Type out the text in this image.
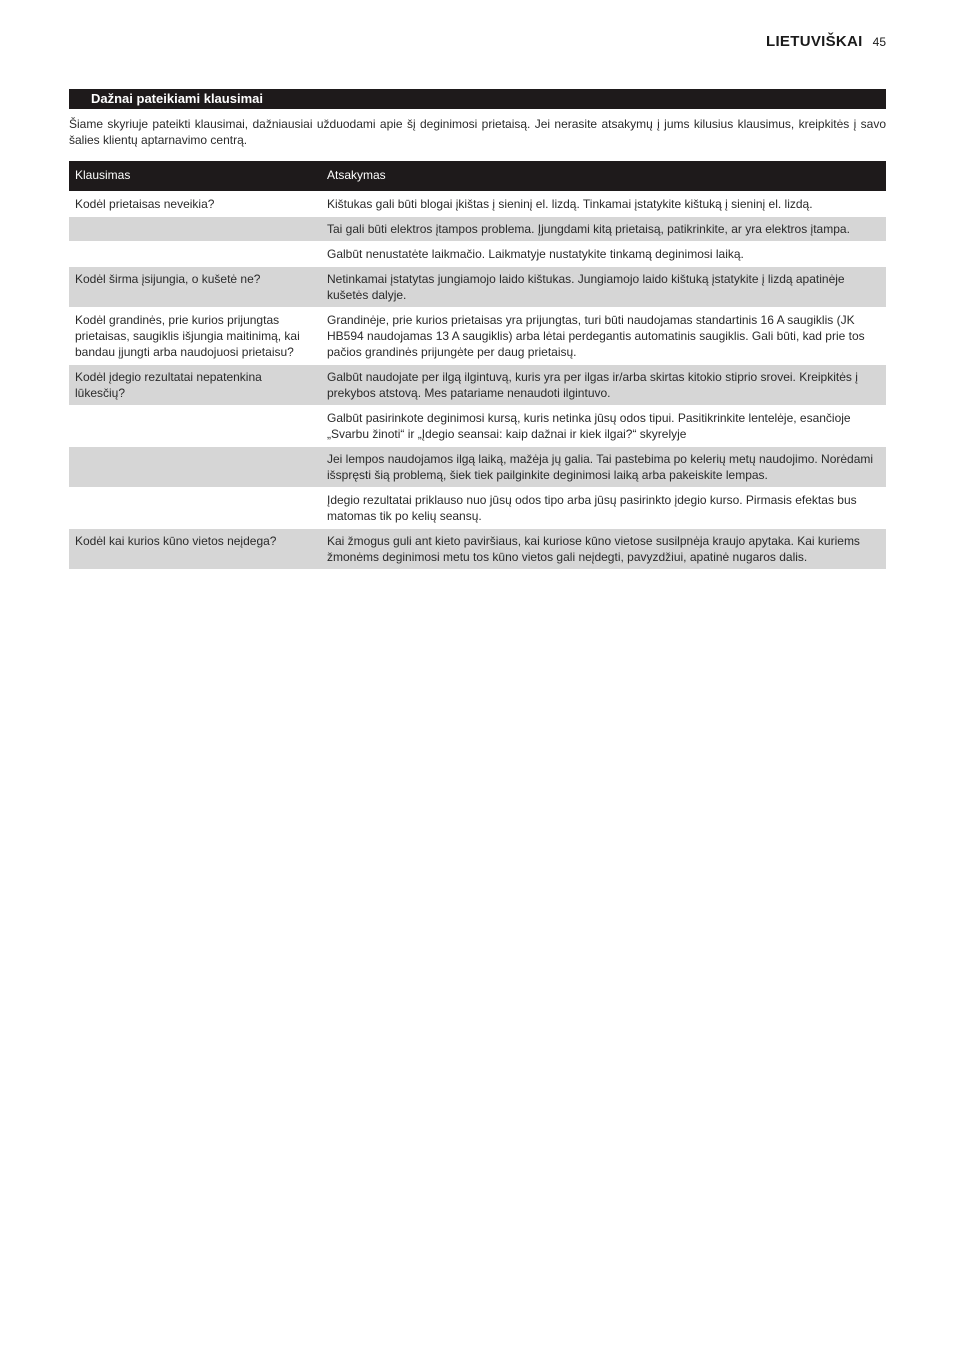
LIETUVIŠKAI 45
Dažnai pateikiami klausimai

Šiame skyriuje pateikti klausimai, dažniausiai užduodami apie šį deginimosi prietaisą. Jei nerasite atsakymų į jums kilusius klausimus, kreipkitės į savo šalies klientų aptarnavimo centrą.

Klausimas	Atsakymas
Kodėl prietaisas neveikia?	Kištukas gali būti blogai įkištas į sieninį el. lizdą. Tinkamai įstatykite kištuką į sieninį el. lizdą.
	Tai gali būti elektros įtampos problema. Įjungdami kitą prietaisą, patikrinkite, ar yra elektros įtampa.
	Galbūt nenustatėte laikmačio. Laikmatyje nustatykite tinkamą deginimosi laiką.
Kodėl širma įsijungia, o kušetė ne?	Netinkamai įstatytas jungiamojo laido kištukas. Jungiamojo laido kištuką įstatykite į lizdą apatinėje kušetės dalyje.
Kodėl grandinės, prie kurios prijungtas prietaisas, saugiklis išjungia maitinimą, kai bandau įjungti arba naudojuosi prietaisu?	Grandinėje, prie kurios prietaisas yra prijungtas, turi būti naudojamas standartinis 16 A saugiklis (JK HB594 naudojamas 13 A saugiklis) arba lėtai perdegantis automatinis saugiklis. Gali būti, kad prie tos pačios grandinės prijungėte per daug prietaisų.
Kodėl įdegio rezultatai nepatenkina lūkesčių?	Galbūt naudojate per ilgą ilgintuvą, kuris yra per ilgas ir/arba skirtas kitokio stiprio srovei. Kreipkitės į prekybos atstovą. Mes patariame nenaudoti ilgintuvo.
	Galbūt pasirinkote deginimosi kursą, kuris netinka jūsų odos tipui. Pasitikrinkite lentelėje, esančioje „Svarbu žinoti“ ir „Įdegio seansai: kaip dažnai ir kiek ilgai?“ skyrelyje
	Jei lempos naudojamos ilgą laiką, mažėja jų galia. Tai pastebima po kelerių metų naudojimo. Norėdami išspręsti šią problemą, šiek tiek pailginkite deginimosi laiką arba pakeiskite lempas.
	Įdegio rezultatai priklauso nuo jūsų odos tipo arba jūsų pasirinkto įdegio kurso. Pirmasis efektas bus matomas tik po kelių seansų.
Kodėl kai kurios kūno vietos neįdega?	Kai žmogus guli ant kieto paviršiaus, kai kuriose kūno vietose susilpnėja kraujo apytaka. Kai kuriems žmonėms deginimosi metu tos kūno vietos gali neįdegti, pavyzdžiui, apatinė nugaros dalis.
